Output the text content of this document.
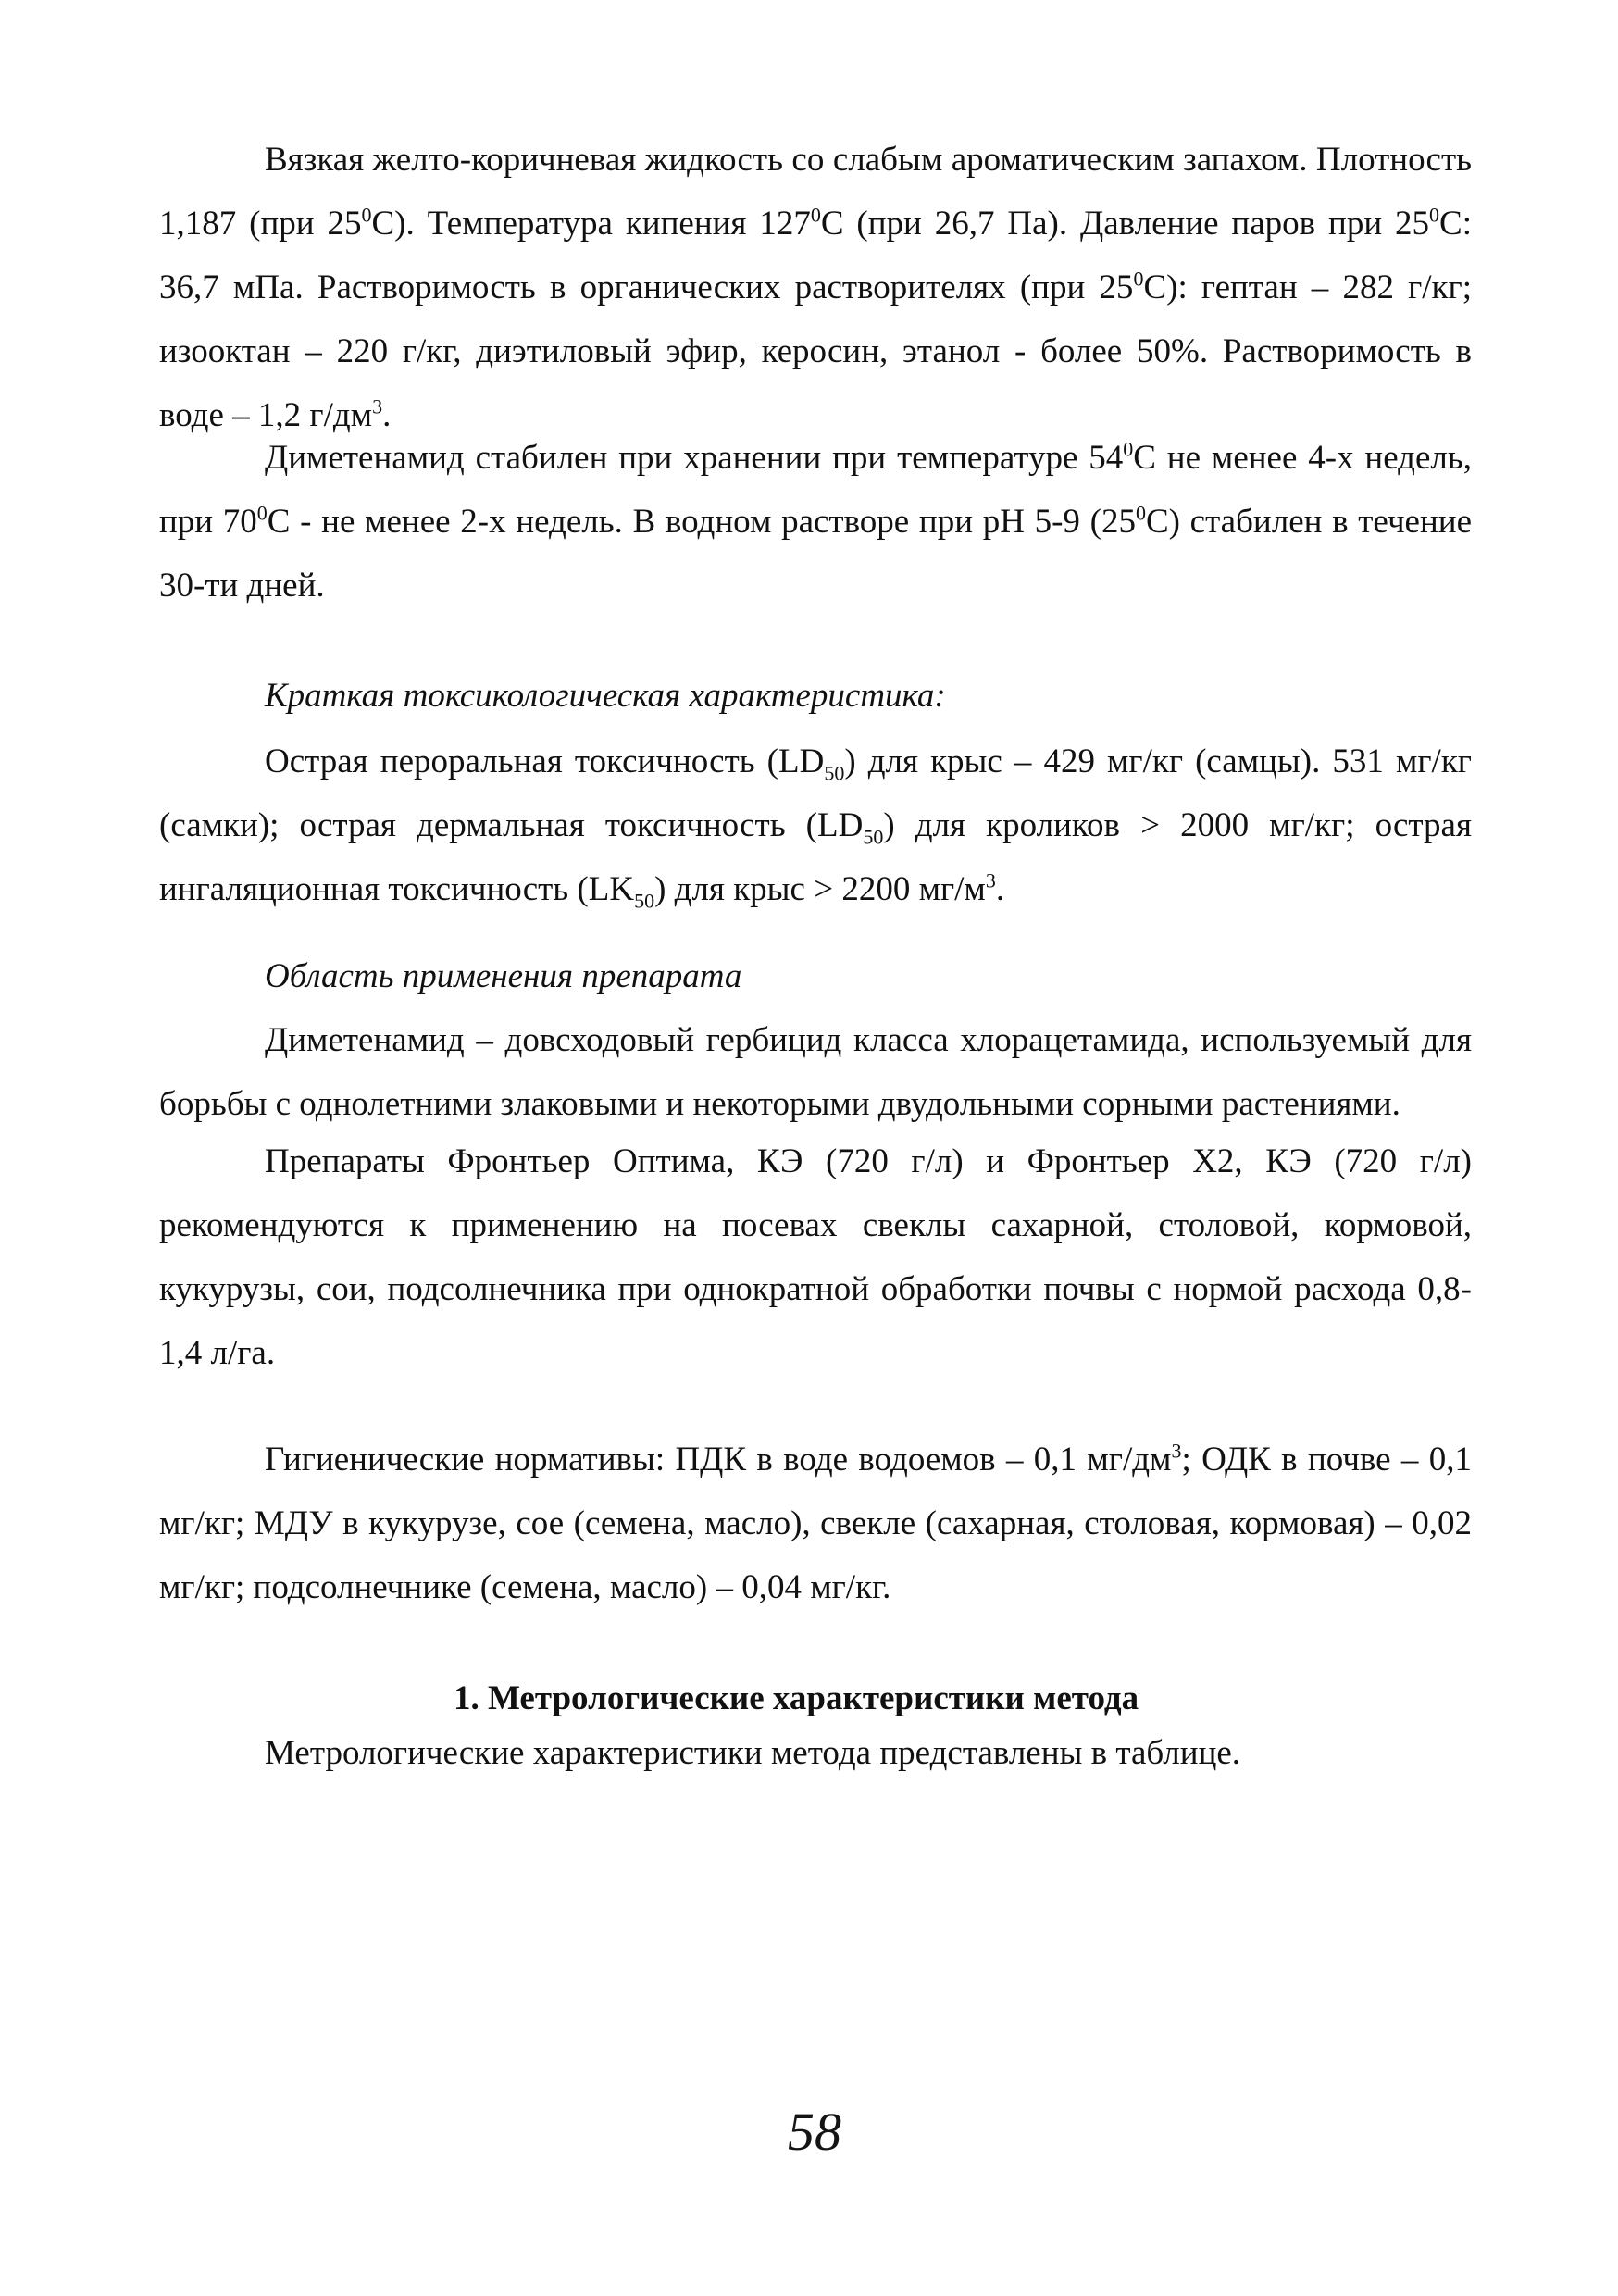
Вязкая желто-коричневая жидкость со слабым ароматическим запахом. Плотность 1,187 (при $25^0С$). Температура кипения $127^0С$ (при 26,7 Па). Давление паров при $25^0С$: 36,7 мПа. Растворимость в органических растворителях (при $25^0С$): гептан – 282 г/кг; изооктан – 220 г/кг, диэтиловый эфир, керосин, этанол - более 50%. Растворимость в воде – 1,2 $г/дм^3$.

Диметенамид стабилен при хранении при температуре $54^0С$ не менее 4-х недель, при $70^0С$ - не менее 2-х недель. В водном растворе при pH 5-9 $(25^0С)$ стабилен в течение 30-ти дней.

Краткая токсикологическая характеристика:

Острая пероральная токсичность $(LD_{50})$ для крыс – 429 мг/кг (самцы). 531 мг/кг (самки); острая дермальная токсичность $(LD_{50})$ для кроликов > 2000 мг/кг; острая ингаляционная токсичность $(LK_{50})$ для крыс > 2200 $мг/м^3$.

Область применения препарата

Диметенамид – довсходовый гербицид класса хлорацетамида, используемый для борьбы с однолетними злаковыми и некоторыми двудольными сорными растениями.

Препараты Фронтьер Оптима, КЭ (720 г/л) и Фронтьер Х2, КЭ (720 г/л) рекомендуются к применению на посевах свеклы сахарной, столовой, кормовой, кукурузы, сои, подсолнечника при однократной обработки почвы с нормой расхода 0,8-1,4 л/га.

Гигиенические нормативы: ПДК в воде водоемов – 0,1 $мг/дм^3$; ОДК в почве – 0,1 мг/кг; МДУ в кукурузе, сое (семена, масло), свекле (сахарная, столовая, кормовая) – 0,02 мг/кг; подсолнечнике (семена, масло) – 0,04 мг/кг.

1. Метрологические характеристики метода

Метрологические характеристики метода представлены в таблице.

58
